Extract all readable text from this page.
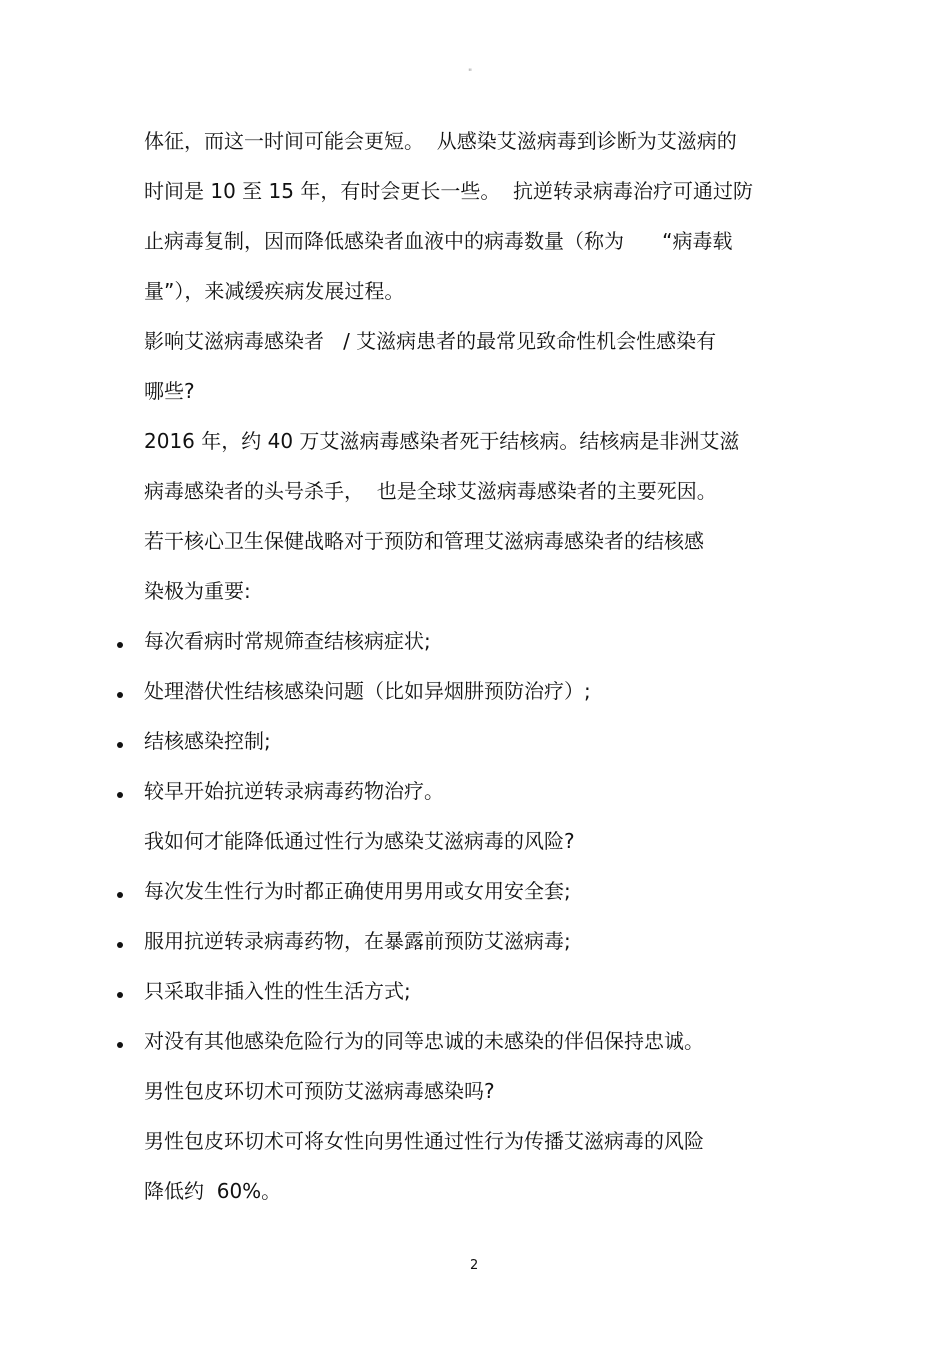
"
体征，而这一时间可能会更短。  从感染艾滋病毒到诊断为艾滋病的
时间是 10 至 15 年，有时会更长一些。  抗逆转录病毒治疗可通过防
止病毒复制，因而降低感染者血液中的病毒数量（称为      “病毒载
量”），来减缓疾病发展过程。
影响艾滋病毒感染者   / 艾滋病患者的最常见致命性机会性感染有
哪些?
2016 年，约 40 万艾滋病毒感染者死于结核病。结核病是非洲艾滋
病毒感染者的头号杀手，  也是全球艾滋病毒感染者的主要死因。
若干核心卫生保健战略对于预防和管理艾滋病毒感染者的结核感
染极为重要:
每次看病时常规筛查结核病症状;
处理潜伏性结核感染问题（比如异烟肼预防治疗）;
结核感染控制;
较早开始抗逆转录病毒药物治疗。
我如何才能降低通过性行为感染艾滋病毒的风险?
每次发生性行为时都正确使用男用或女用安全套;
服用抗逆转录病毒药物，在暴露前预防艾滋病毒;
只采取非插入性的性生活方式;
对没有其他感染危险行为的同等忠诚的未感染的伴侣保持忠诚。
男性包皮环切术可预防艾滋病毒感染吗?
男性包皮环切术可将女性向男性通过性行为传播艾滋病毒的风险
降低约  60%。
2
